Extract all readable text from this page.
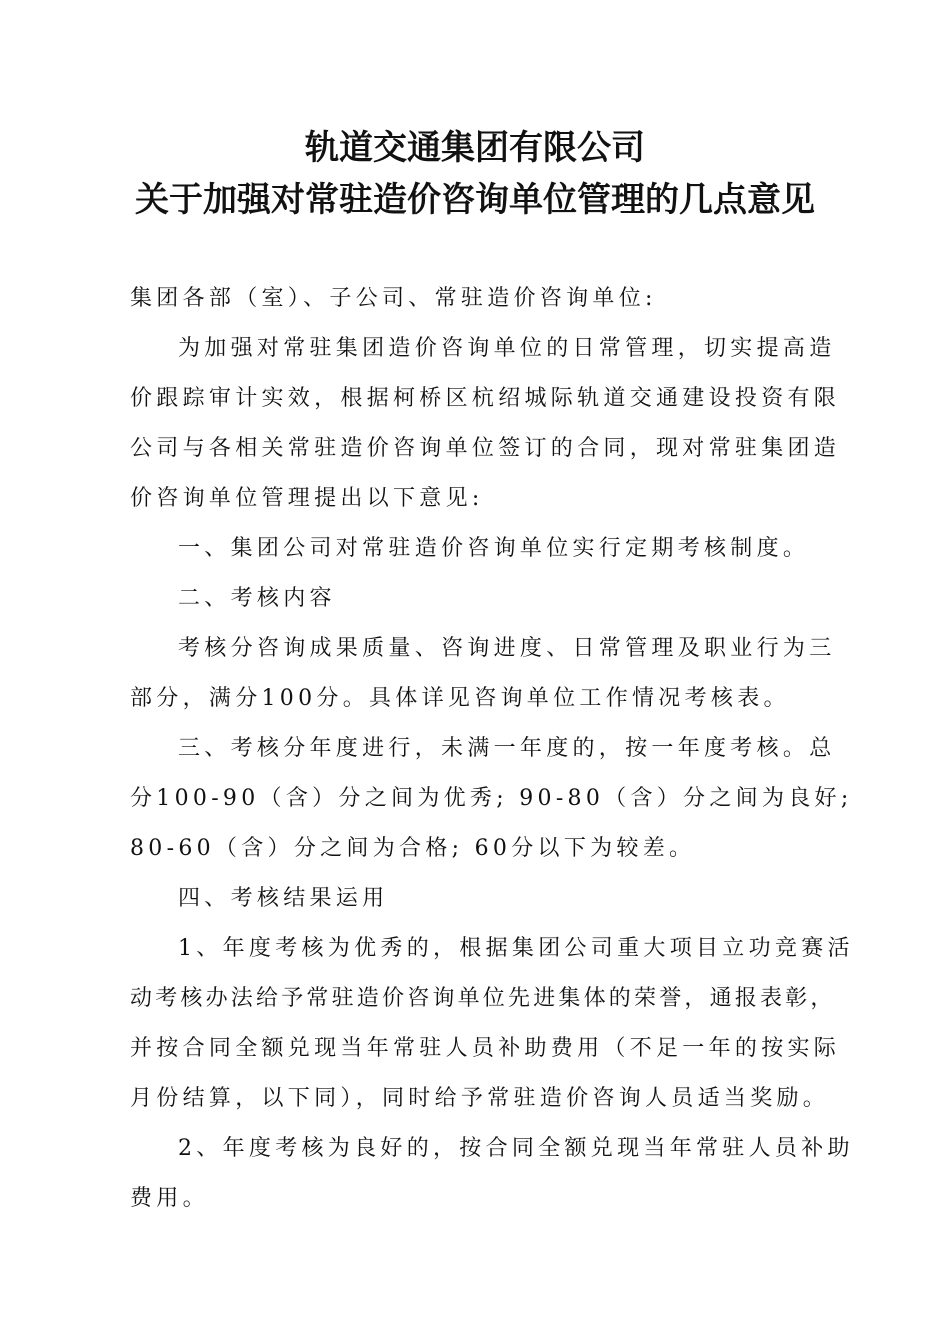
轨道交通集团有限公司
关于加强对常驻造价咨询单位管理的几点意见
集团各部（室）、子公司、常驻造价咨询单位:
为加强对常驻集团造价咨询单位的日常管理，切实提高造
价跟踪审计实效，根据柯桥区杭绍城际轨道交通建设投资有限
公司与各相关常驻造价咨询单位签订的合同，现对常驻集团造
价咨询单位管理提出以下意见:
一、集团公司对常驻造价咨询单位实行定期考核制度。
二、考核内容
考核分咨询成果质量、咨询进度、日常管理及职业行为三
部分，满分100分。具体详见咨询单位工作情况考核表。
三、考核分年度进行，未满一年度的，按一年度考核。总
分100-90（含）分之间为优秀; 90-80（含）分之间为良好;
80-60（含）分之间为合格; 60分以下为较差。
四、考核结果运用
1、年度考核为优秀的，根据集团公司重大项目立功竞赛活
动考核办法给予常驻造价咨询单位先进集体的荣誉，通报表彰，
并按合同全额兑现当年常驻人员补助费用（不足一年的按实际
月份结算，以下同），同时给予常驻造价咨询人员适当奖励。
2、年度考核为良好的，按合同全额兑现当年常驻人员补助
费用。
